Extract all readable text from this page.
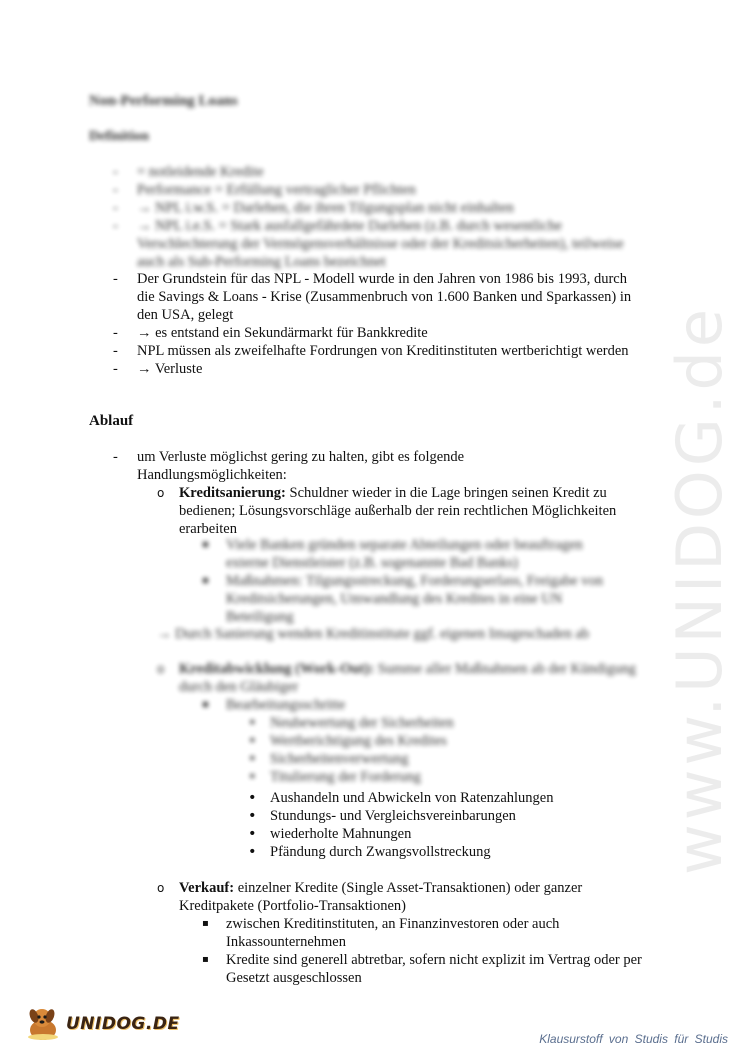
www.UNIDOG.de
Non-Performing Loans
Definition
- = notleidende Kredite
- Performance = Erfüllung vertraglicher Pflichten
- → NPL i.w.S. = Darlehen, die ihren Tilgungsplan nicht einhalten
- → NPL i.e.S. = Stark ausfallgefährdete Darlehen (z.B. durch wesentliche Verschlechterung der Vermögensverhältnisse oder der Kreditsicherheiten), teilweise auch als Sub-Performing Loans bezeichnet
- Der Grundstein für das NPL - Modell wurde in den Jahren von 1986 bis 1993, durch die Savings & Loans - Krise (Zusammenbruch von 1.600 Banken und Sparkassen) in den USA, gelegt
- → es entstand ein Sekundärmarkt für Bankkredite
- NPL müssen als zweifelhafte Fordrungen von Kreditinstituten wertberichtigt werden
- → Verluste
Ablauf
- um Verluste möglichst gering zu halten, gibt es folgende Handlungsmöglichkeiten:
o Kreditsanierung: Schuldner wieder in die Lage bringen seinen Kredit zu bedienen; Lösungsvorschläge außerhalb der rein rechtlichen Möglichkeiten erarbeiten
▪ Viele Banken gründen separate Abteilungen oder beauftragen externe Dienstleister (z.B. sogenannte Bad Banks)
▪ Maßnahmen: Tilgungsstreckung, Forderungserlass, Freigabe von Kreditsicherungen, Umwandlung des Kredites in eine UN Beteiligung
→ Durch Sanierung wenden Kreditinstitute ggf. eigenen Imageschaden ab
o Kreditabwicklung (Work-Out): Summe aller Maßnahmen ab der Kündigung durch den Gläubiger
▪ Bearbeitungsschritte
• Neubewertung der Sicherheiten
• Wertberichtigung des Kredites
• Sicherheitenverwertung
• Titulierung der Forderung
• Aushandeln und Abwickeln von Ratenzahlungen
• Stundungs- und Vergleichsvereinbarungen
• wiederholte Mahnungen
• Pfändung durch Zwangsvollstreckung
o Verkauf: einzelner Kredite (Single Asset-Transaktionen) oder ganzer Kreditpakete (Portfolio-Transaktionen)
▪ zwischen Kreditinstituten, an Finanzinvestoren oder auch Inkassounternehmen
▪ Kredite sind generell abtretbar, sofern nicht explizit im Vertrag oder per Gesetzt ausgeschlossen
UNIDOG.DE
Klausurstoff von Studis für Studis
